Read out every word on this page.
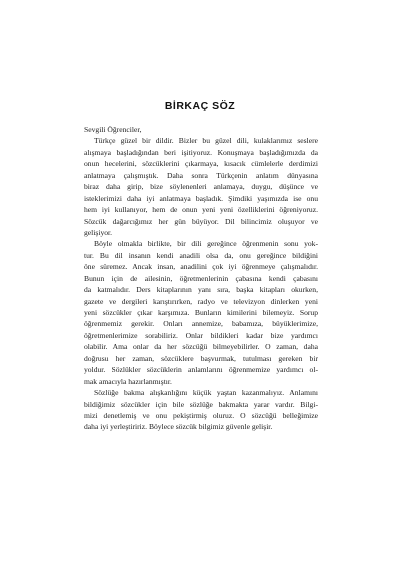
BİRKAÇ SÖZ
Sevgili Öğrenciler,
Türkçe güzel bir dildir. Bizler bu güzel dili, kulaklarımız seslere
alışmaya başladığından beri işitiyoruz. Konuşmaya başladığımızda da
onun hecelerini, sözcüklerini çıkarmaya, kısacık cümlelerle derdimizi
anlatmaya çalışmıştık. Daha sonra Türkçenin anlatım dünyasına
biraz daha girip, bize söylenenleri anlamaya, duygu, düşünce ve
isteklerimizi daha iyi anlatmaya başladık. Şimdiki yaşımızda ise onu
hem iyi kullanıyor, hem de onun yeni yeni özelliklerini öğreniyoruz.
Sözcük dağarcığımız her gün büyüyor. Dil bilincimiz oluşuyor ve
gelişiyor.
Böyle olmakla birlikte, bir dili gereğince öğrenmenin sonu yok-
tur. Bu dil insanın kendi anadili olsa da, onu gereğince bildiğini
öne süremez. Ancak insan, anadilini çok iyi öğrenmeye çalışmalıdır.
Bunun için de ailesinin, öğretmenlerinin çabasına kendi çabasını
da katmalıdır. Ders kitaplarının yanı sıra, başka kitapları okurken,
gazete ve dergileri karıştırırken, radyo ve televizyon dinlerken yeni
yeni sözcükler çıkar karşımıza. Bunların kimilerini bilemeyiz. Sorup
öğrenmemiz gerekir. Onları annemize, babamıza, büyüklerimize,
öğretmenlerimize sorabiliriz. Onlar bildikleri kadar bize yardımcı
olabilir. Ama onlar da her sözcüğü bilmeyebilirler. O zaman, daha
doğrusu her zaman, sözcüklere başvurmak, tutulması gereken bir
yoldur. Sözlükler sözcüklerin anlamlarını öğrenmemize yardımcı ol-
mak amacıyla hazırlanmıştır.
Sözlüğe bakma alışkanlığını küçük yaştan kazanmalıyız. Anlamını
bildiğimiz sözcükler için bile sözlüğe bakmakta yarar vardır. Bilgi-
mizi denetlemiş ve onu pekiştirmiş oluruz. O sözcüğü belleğimize
daha iyi yerleştiririz. Böylece sözcük bilgimiz güvenle gelişir.
